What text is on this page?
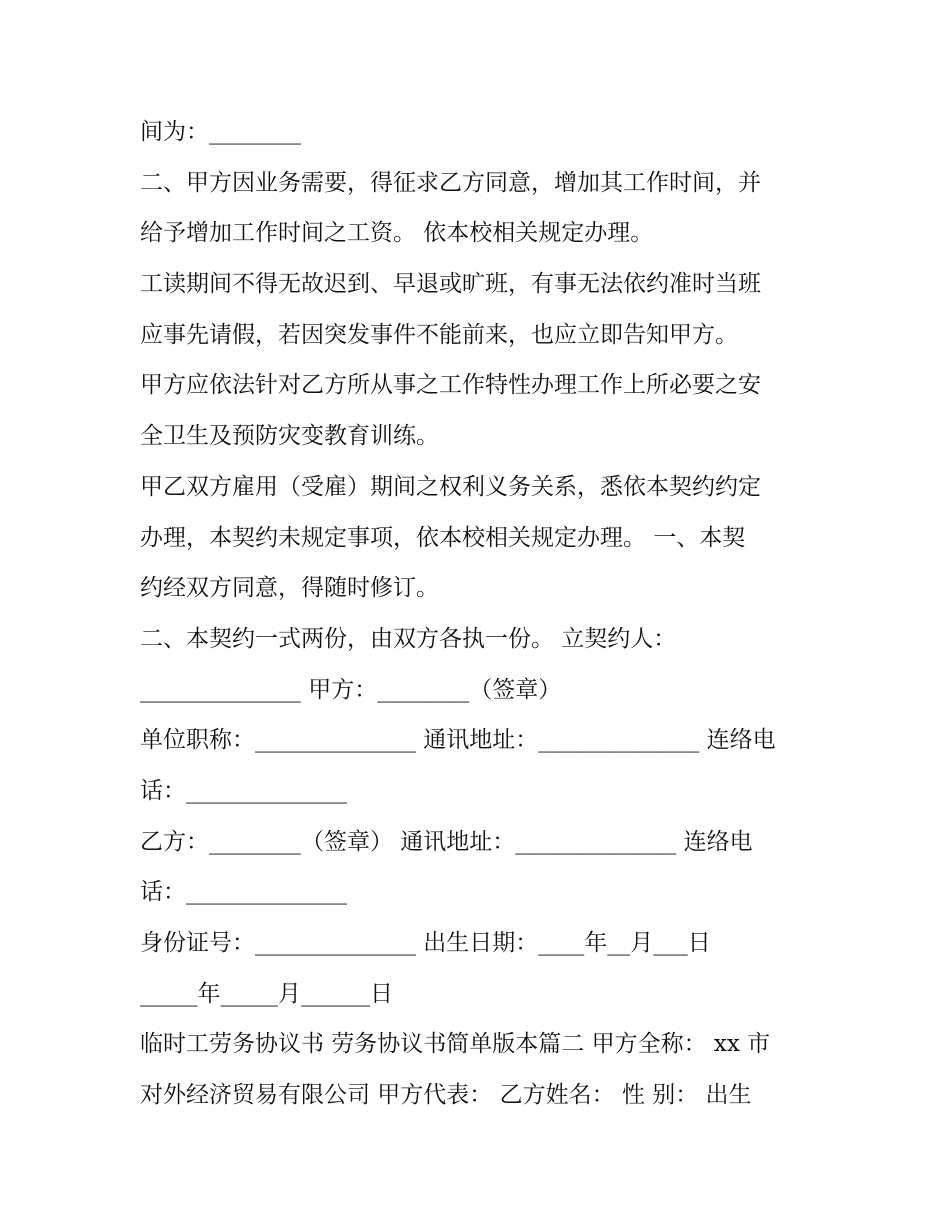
间为：________
二、甲方因业务需要，得征求乙方同意，增加其工作时间，并
给予增加工作时间之工资。 依本校相关规定办理。
工读期间不得无故迟到、早退或旷班，有事无法依约准时当班
应事先请假，若因突发事件不能前来，也应立即告知甲方。
甲方应依法针对乙方所从事之工作特性办理工作上所必要之安
全卫生及预防灾变教育训练。
甲乙双方雇用（受雇）期间之权利义务关系，悉依本契约约定
办理，本契约未规定事项，依本校相关规定办理。 一、本契
约经双方同意，得随时修订。
二、本契约一式两份，由双方各执一份。 立契约人：
______________ 甲方：________（签章）
单位职称：______________ 通讯地址：______________ 连络电
话：______________
乙方：________（签章） 通讯地址：______________ 连络电
话：______________
身份证号：______________ 出生日期：____年__月___日
_____年_____月______日
临时工劳务协议书 劳务协议书简单版本篇二 甲方全称： xx 市
对外经济贸易有限公司 甲方代表： 乙方姓名： 性 别： 出生
